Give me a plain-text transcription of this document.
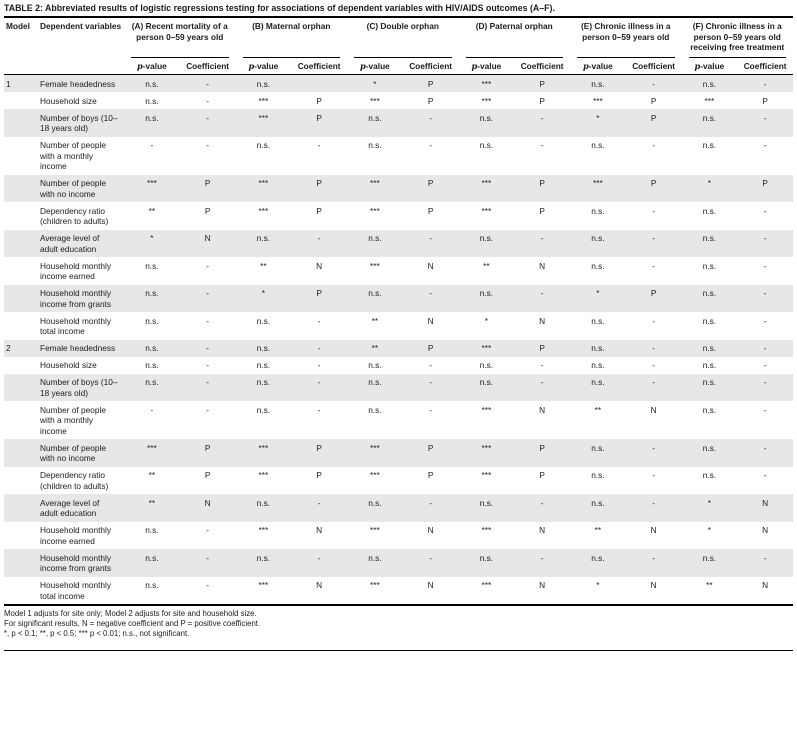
TABLE 2: Abbreviated results of logistic regressions testing for associations of dependent variables with HIV/AIDS outcomes (A–F).
Model	Dependent variables	(A) Recent mortality of a person 0–59 years old		(B) Maternal orphan		(C) Double orphan		(D) Paternal orphan		(E) Chronic illness in a person 0–59 years old		(F) Chronic illness in a person 0–59 years old receiving free treatment	

		p-value	Coefficient	p-value	Coefficient	p-value	Coefficient	p-value	Coefficient	p-value	Coefficient	p-value	Coefficient

1	Female headedness	n.s.	-	n.s.		*	P	***	P	n.s.	-	n.s.	-
	Household size	n.s.	-	***	P	***	P	***	P	***	P	***	P
	Number of boys (10–18 years old)	n.s.	-	***	P	n.s.	-	n.s.	-	*	P	n.s.	-
	Number of people with a monthly income	-	-	n.s.	-	n.s.	-	n.s.	-	n.s.	-	n.s.	-
	Number of people with no income	***	P	***	P	***	P	***	P	***	P	*	P
	Dependency ratio (children to adults)	**	P	***	P	***	P	***	P	n.s.	-	n.s.	-
	Average level of adult education	*	N	n.s.	-	n.s.	-	n.s.	-	n.s.	-	n.s.	-
	Household monthly income earned	n.s.	-	**	N	***	N	**	N	n.s.	-	n.s.	-
	Household monthly income from grants	n.s.	-	*	P	n.s.	-	n.s.	-	*	P	n.s.	-
	Household monthly total income	n.s.	-	n.s.	-	**	N	*	N	n.s.	-	n.s.	-
2	Female headedness	n.s.	-	n.s.	-	**	P	***	P	n.s.	-	n.s.	-
	Household size	n.s.	-	n.s.	-	n.s.	-	n.s.	-	n.s.	-	n.s.	-
	Number of boys (10–18 years old)	n.s.	-	n.s.	-	n.s.	-	n.s.	-	n.s.	-	n.s.	-
	Number of people with a monthly income	-	-	n.s.	-	n.s.	-	***	N	**	N	n.s.	-
	Number of people with no income	***	P	***	P	***	P	***	P	n.s.	-	n.s.	-
	Dependency ratio (children to adults)	**	P	***	P	***	P	***	P	n.s.	-	n.s.	-
	Average level of adult education	**	N	n.s.	-	n.s.	-	n.s.	-	n.s.	-	*	N
	Household monthly income earned	n.s.	-	***	N	***	N	***	N	**	N	*	N
	Household monthly income from grants	n.s.	-	n.s.	-	n.s.	-	n.s.	-	n.s.	-	n.s.	-
	Household monthly total income	n.s.	-	***	N	***	N	***	N	*	N	**	N
Model 1 adjusts for site only; Model 2 adjusts for site and household size.
For significant results, N = negative coefficient and P = positive coefficient.
*, p < 0.1; **, p < 0.5; *** p < 0.01; n.s., not significant.
